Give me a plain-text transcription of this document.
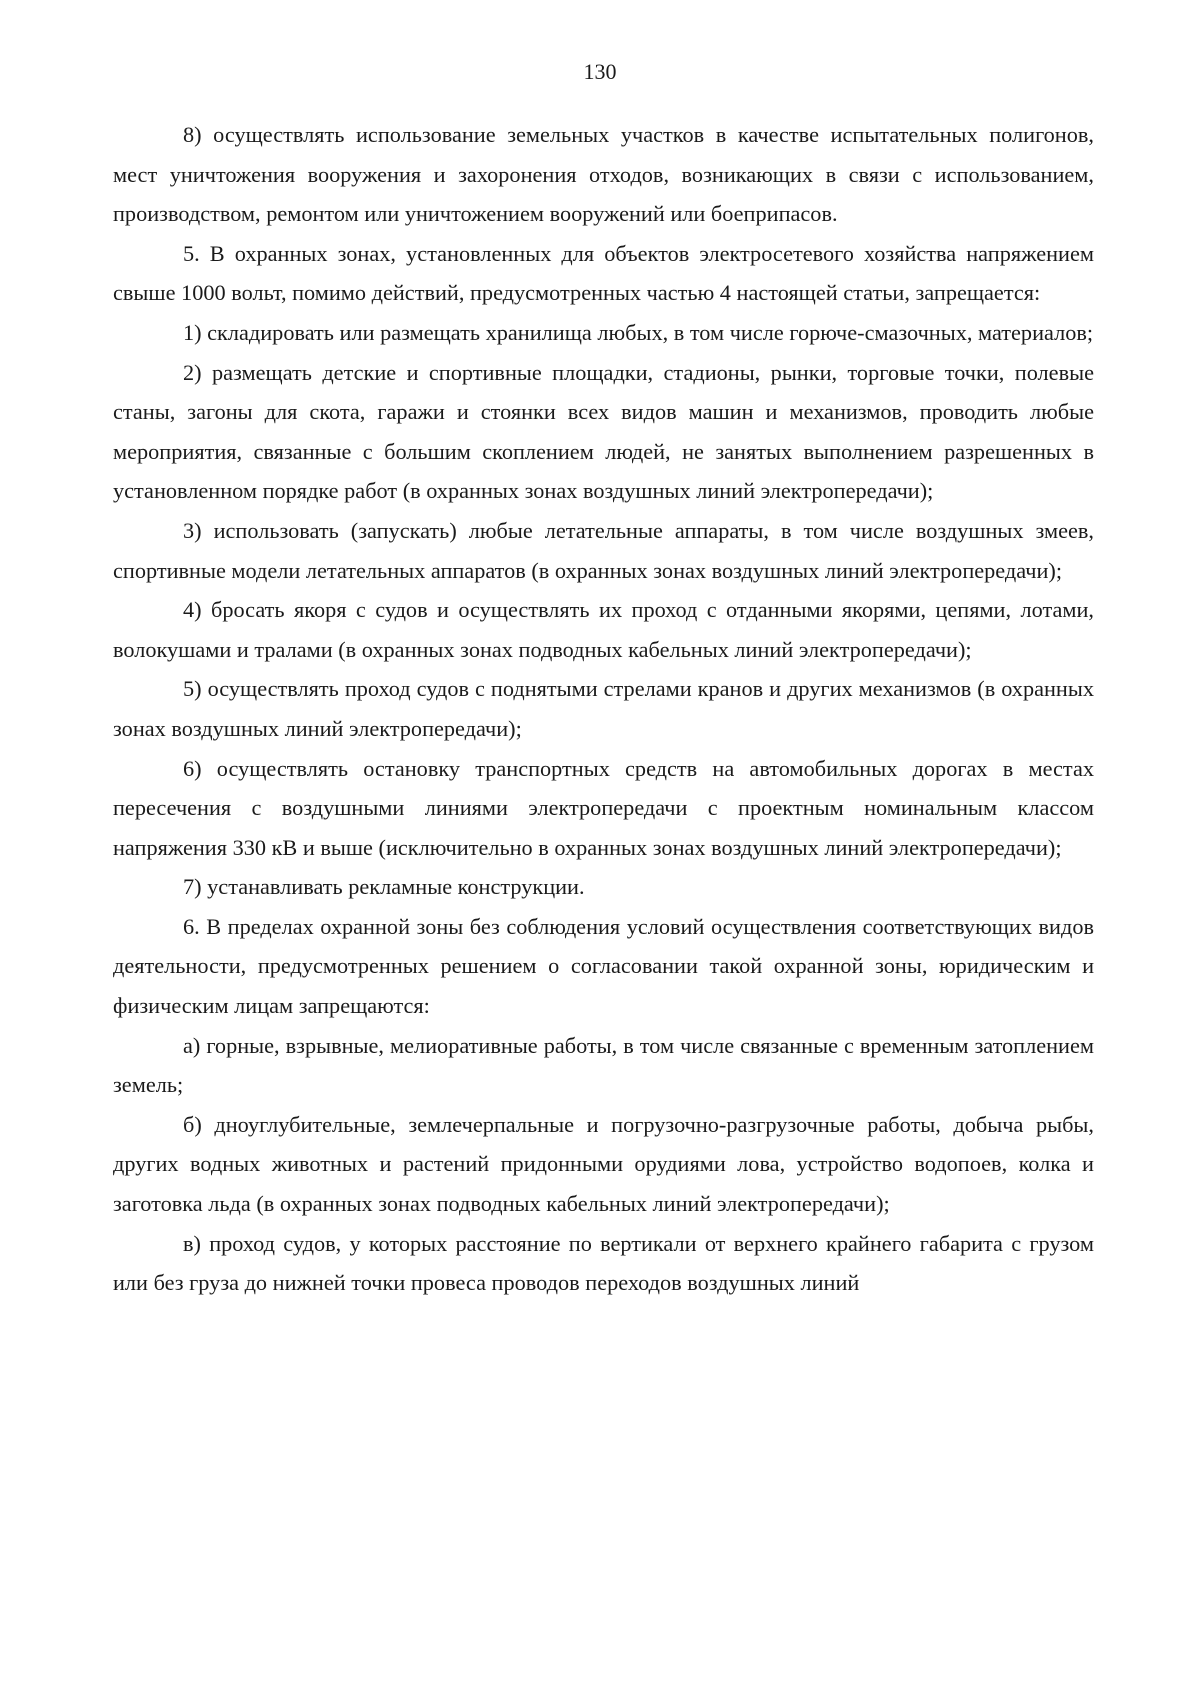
130

8) осуществлять использование земельных участков в качестве испытательных полигонов, мест уничтожения вооружения и захоронения отходов, возникающих в связи с использованием, производством, ремонтом или уничтожением вооружений или боеприпасов.

5. В охранных зонах, установленных для объектов электросетевого хозяйства напряжением свыше 1000 вольт, помимо действий, предусмотренных частью 4 настоящей статьи, запрещается:

1) складировать или размещать хранилища любых, в том числе горюче-смазочных, материалов;

2) размещать детские и спортивные площадки, стадионы, рынки, торговые точки, полевые станы, загоны для скота, гаражи и стоянки всех видов машин и механизмов, проводить любые мероприятия, связанные с большим скоплением людей, не занятых выполнением разрешенных в установленном порядке работ (в охранных зонах воздушных линий электропередачи);

3) использовать (запускать) любые летательные аппараты, в том числе воздушных змеев, спортивные модели летательных аппаратов (в охранных зонах воздушных линий электропередачи);

4) бросать якоря с судов и осуществлять их проход с отданными якорями, цепями, лотами, волокушами и тралами (в охранных зонах подводных кабельных линий электропередачи);

5) осуществлять проход судов с поднятыми стрелами кранов и других механизмов (в охранных зонах воздушных линий электропередачи);

6) осуществлять остановку транспортных средств на автомобильных дорогах в местах пересечения с воздушными линиями электропередачи с проектным номинальным классом напряжения 330 кВ и выше (исключительно в охранных зонах воздушных линий электропередачи);

7) устанавливать рекламные конструкции.

6. В пределах охранной зоны без соблюдения условий осуществления соответствующих видов деятельности, предусмотренных решением о согласовании такой охранной зоны, юридическим и физическим лицам запрещаются:

а) горные, взрывные, мелиоративные работы, в том числе связанные с временным затоплением земель;

б) дноуглубительные, землечерпальные и погрузочно-разгрузочные работы, добыча рыбы, других водных животных и растений придонными орудиями лова, устройство водопоев, колка и заготовка льда (в охранных зонах подводных кабельных линий электропередачи);

в) проход судов, у которых расстояние по вертикали от верхнего крайнего габарита с грузом или без груза до нижней точки провеса проводов переходов воздушных линий
